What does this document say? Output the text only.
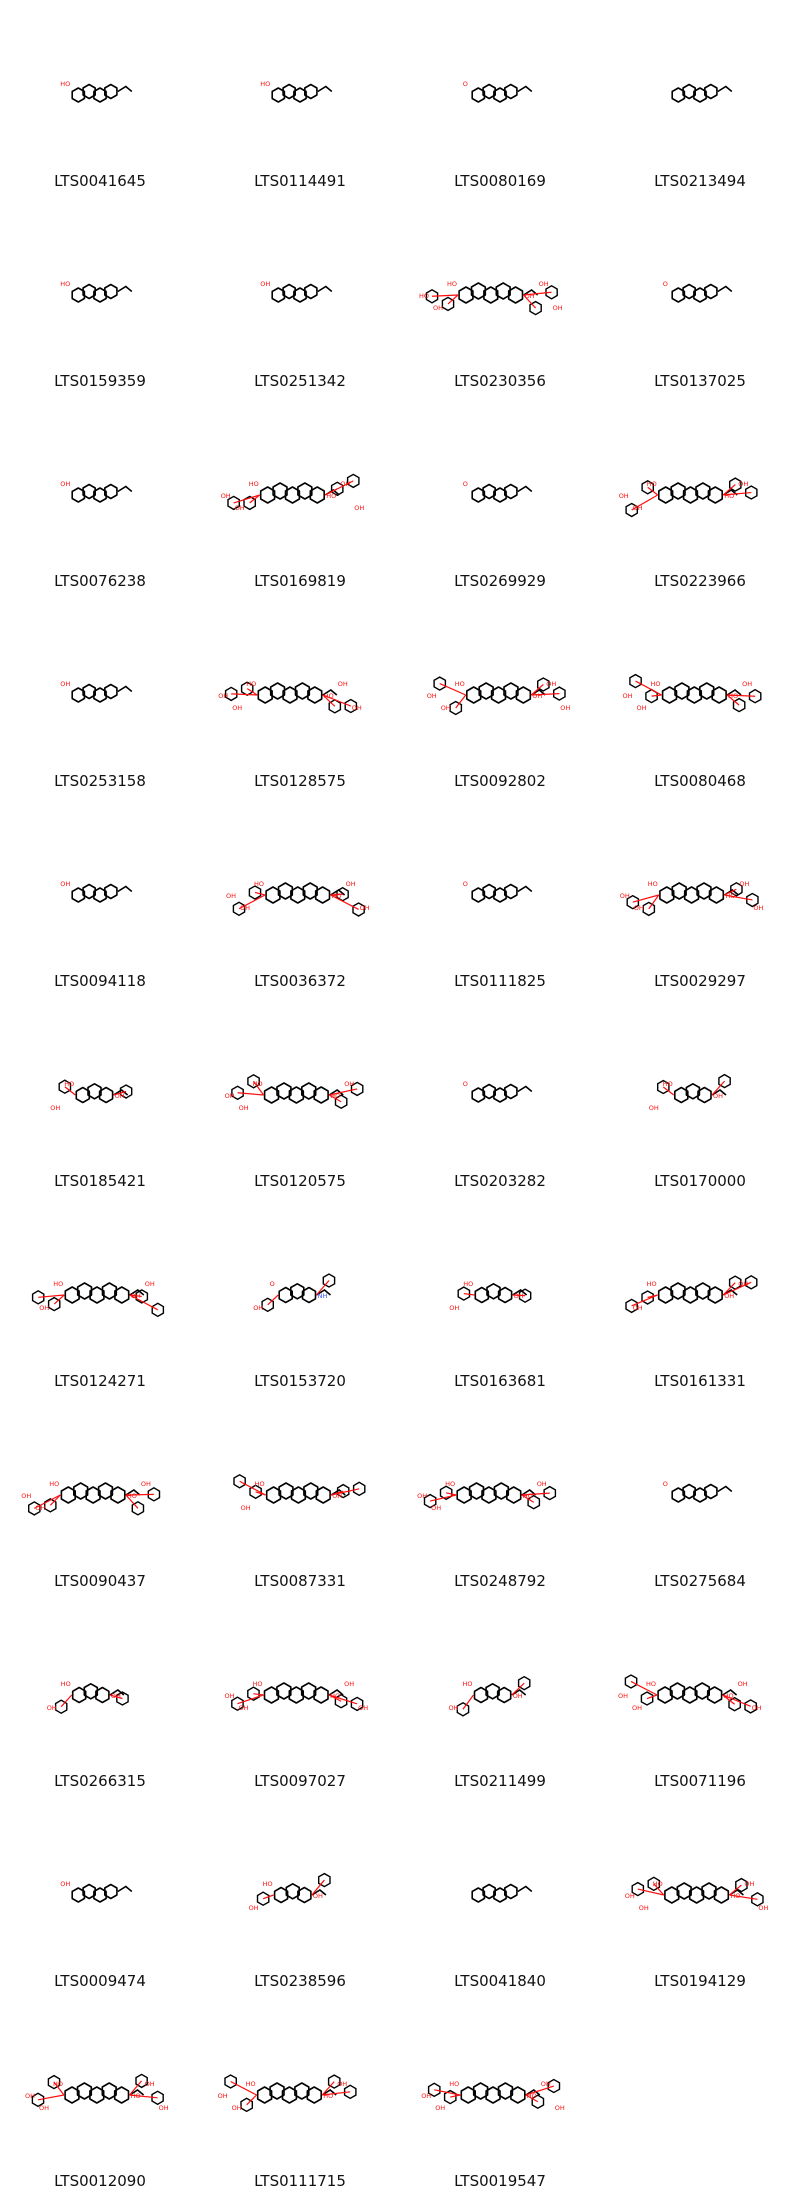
HO
LTS0041645
HO
LTS0114491
O
LTS0080169	LTS0213494
HO
LTS0159359
OH
LTS0251342
HO
OH
OH
OH
HO
OH
LTS0230356
O
LTS0137025
OH
LTS0076238
HO
HO
OH
OH
OH
OH
LTS0169819
O
LTS0269929
HO
HO
OH
OH
OH
LTS0223966
OH
LTS0253158
HO
HO
OH
OH
OH
OH
LTS0128575
HO
OH
OH
OH
OH
OH
LTS0092802
HO
HO
OH
OH
OH
LTS0080468
OH
LTS0094118
HO
HO
OH
OH
OH
OH
LTS0036372
O
LTS0111825
HO
HO
OH
OH
OH
OH
LTS0029297
HO
OH
OH
LTS0185421
HO
HO
OH
OH
OH
LTS0120575
O
LTS0203282
HO
OH
OH
LTS0170000
HO
OH
OH
OH
LTS0124271
O
NH
OH
LTS0153720
HO
OH
OH
LTS0163681
HO
OH
OH
OH
LTS0161331
HO
HO
OH
OH
OH
LTS0090437
HO
OH
OH
LTS0087331
HO
HO
OH
OH
OH
LTS0248792
O
LTS0275684
HO
OH
OH
LTS0266315
HO
HO
OH
OH
OH
OH
LTS0097027
HO
OH
OH
LTS0211499
HO
HO
OH
OH
OH
OH
LTS0071196
OH
LTS0009474
HO
OH
OH
LTS0238596	LTS0041840
HO
HO
OH
OH
OH
OH
LTS0194129
HO
HO
OH
OH
OH
OH
LTS0012090
HO
HO
OH
OH
OH
LTS0111715
HO
HO
OH
OH
OH
OH
LTS0019547
